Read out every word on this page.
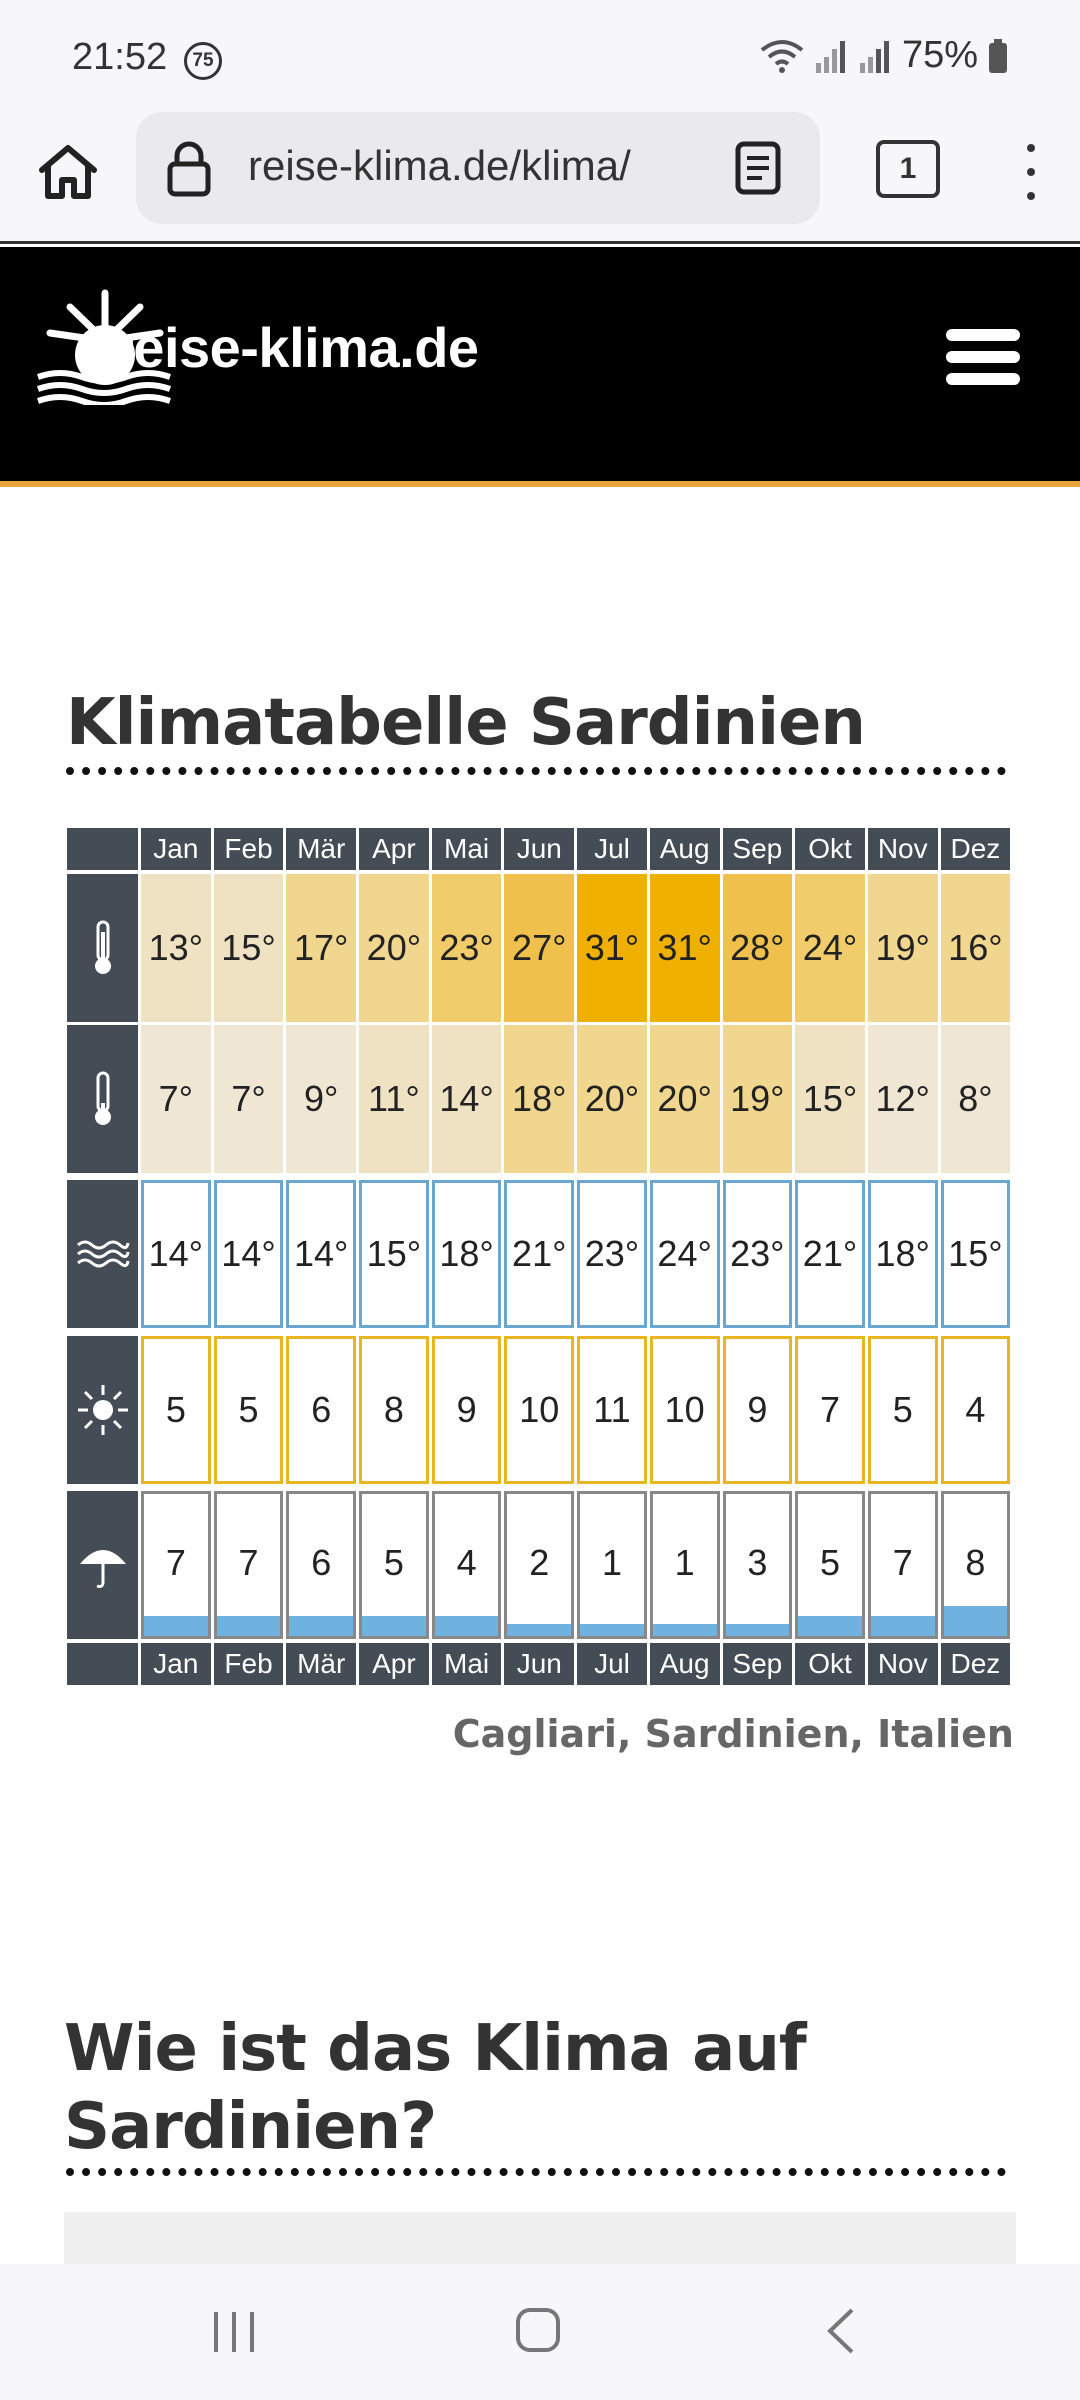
21:52	75	75%
reise-klima.de/klima/	1
reise-klima.de
Klimatabelle Sardinien
Jan Feb Mär Apr Mai Jun Jul Aug Sep Okt Nov Dez
13° 15° 17° 20° 23° 27° 31° 31° 28° 24° 19° 16°
7° 7° 9° 11° 14° 18° 20° 20° 19° 15° 12° 8°
14° 14° 14° 15° 18° 21° 23° 24° 23° 21° 18° 15°
5 5 6 8 9 10 11 10 9 7 5 4
7 7 6 5 4 2 1 1 3 5 7 8
Jan Feb Mär Apr Mai Jun Jul Aug Sep Okt Nov Dez
Cagliari, Sardinien, Italien
Wie ist das Klima auf Sardinien?
